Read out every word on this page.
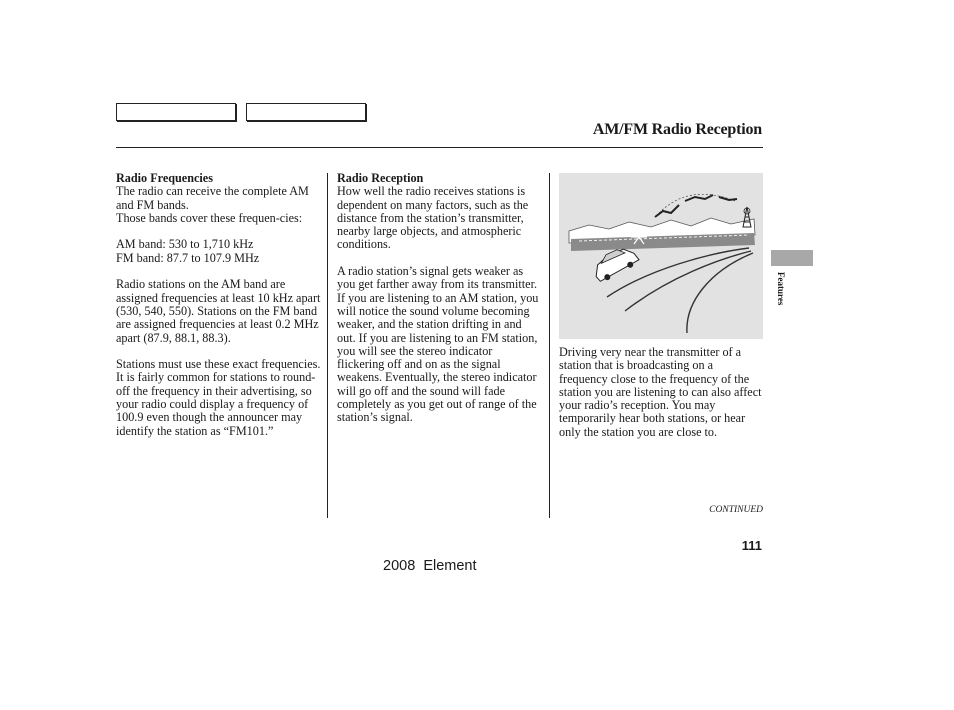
AM/FM Radio Reception

Radio Frequencies
The radio can receive the complete AM and FM bands.

Those bands cover these frequen-cies:

AM band: 530 to 1,710 kHz

FM band: 87.7 to 107.9 MHz

Radio stations on the AM band are assigned frequencies at least 10 kHz apart (530, 540, 550). Stations on the FM band are assigned frequencies at least 0.2 MHz apart (87.9, 88.1, 88.3).

Stations must use these exact frequencies. It is fairly common for stations to round-off the frequency in their advertising, so your radio could display a frequency of 100.9 even though the announcer may identify the station as “FM101.”

Radio Reception
How well the radio receives stations is dependent on many factors, such as the distance from the station’s transmitter, nearby large objects, and atmospheric conditions.

A radio station’s signal gets weaker as you get farther away from its transmitter. If you are listening to an AM station, you will notice the sound volume becoming weaker, and the station drifting in and out. If you are listening to an FM station, you will see the stereo indicator flickering off and on as the signal weakens. Eventually, the stereo indicator will go off and the sound will fade completely as you get out of range of the station’s signal.

Driving very near the transmitter of a station that is broadcasting on a frequency close to the frequency of the station you are listening to can also affect your radio’s reception. You may temporarily hear both stations, or hear only the station you are close to.

Features
CONTINUED
111
2008  Element
